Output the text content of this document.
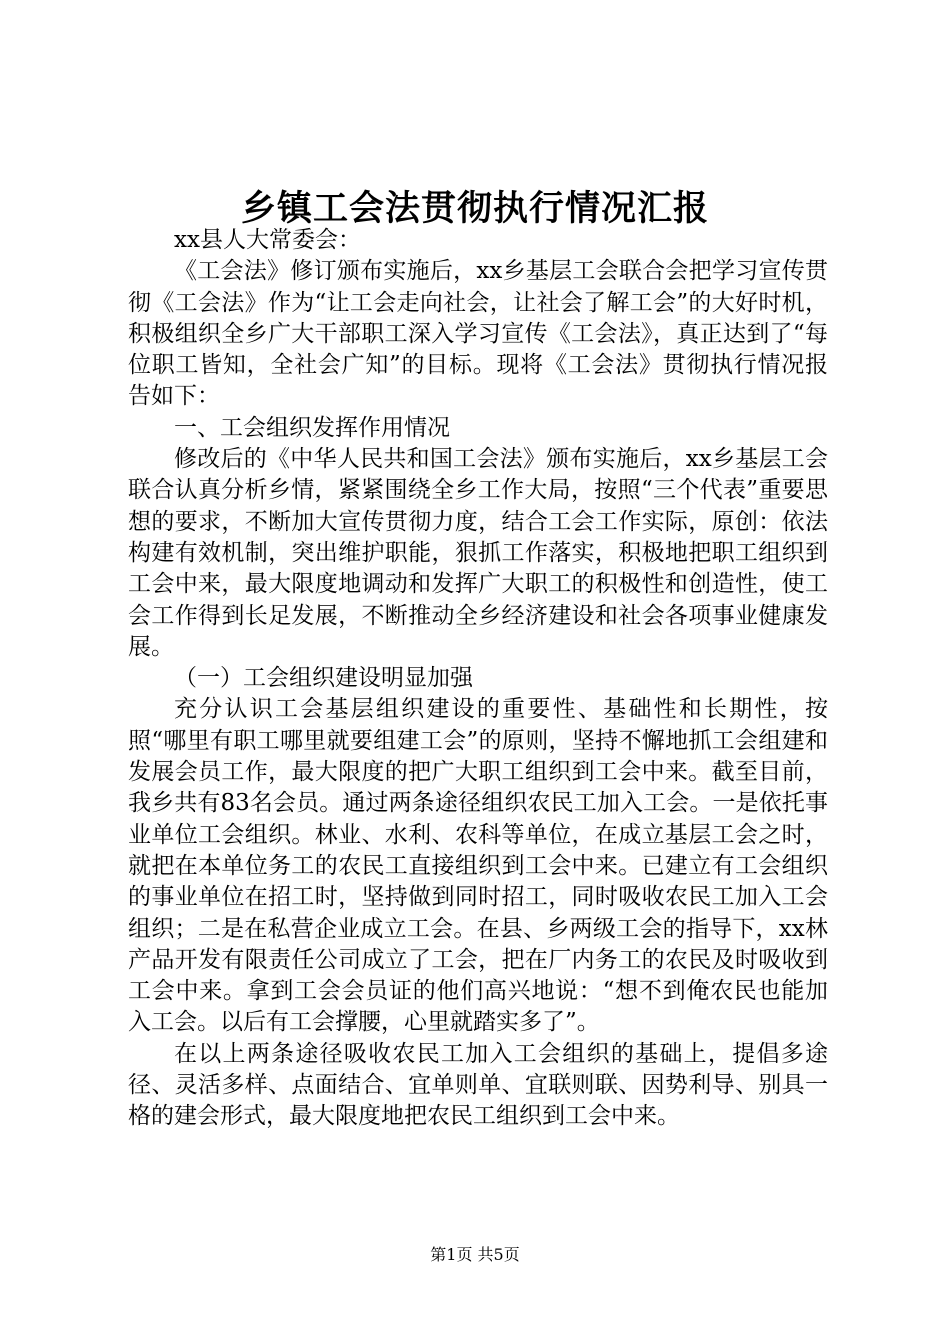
乡镇工会法贯彻执行情况汇报

xx县人大常委会：

《工会法》修订颁布实施后，xx乡基层工会联合会把学习宣传贯彻《工会法》作为“让工会走向社会，让社会了解工会”的大好时机，积极组织全乡广大干部职工深入学习宣传《工会法》，真正达到了“每位职工皆知，全社会广知”的目标。现将《工会法》贯彻执行情况报告如下：

一、工会组织发挥作用情况

修改后的《中华人民共和国工会法》颁布实施后，xx乡基层工会联合认真分析乡情，紧紧围绕全乡工作大局，按照“三个代表”重要思想的要求，不断加大宣传贯彻力度，结合工会工作实际，原创：依法构建有效机制，突出维护职能，狠抓工作落实，积极地把职工组织到工会中来，最大限度地调动和发挥广大职工的积极性和创造性，使工会工作得到长足发展，不断推动全乡经济建设和社会各项事业健康发展。

（一）工会组织建设明显加强

充分认识工会基层组织建设的重要性、基础性和长期性，按照“哪里有职工哪里就要组建工会”的原则，坚持不懈地抓工会组建和发展会员工作，最大限度的把广大职工组织到工会中来。截至目前，我乡共有83名会员。通过两条途径组织农民工加入工会。一是依托事业单位工会组织。林业、水利、农科等单位，在成立基层工会之时，就把在本单位务工的农民工直接组织到工会中来。已建立有工会组织的事业单位在招工时，坚持做到同时招工，同时吸收农民工加入工会组织；二是在私营企业成立工会。在县、乡两级工会的指导下，xx林产品开发有限责任公司成立了工会，把在厂内务工的农民及时吸收到工会中来。拿到工会会员证的他们高兴地说：“想不到俺农民也能加入工会。以后有工会撑腰，心里就踏实多了”。

在以上两条途径吸收农民工加入工会组织的基础上，提倡多途径、灵活多样、点面结合、宜单则单、宜联则联、因势利导、别具一格的建会形式，最大限度地把农民工组织到工会中来。

第1页 共5页
